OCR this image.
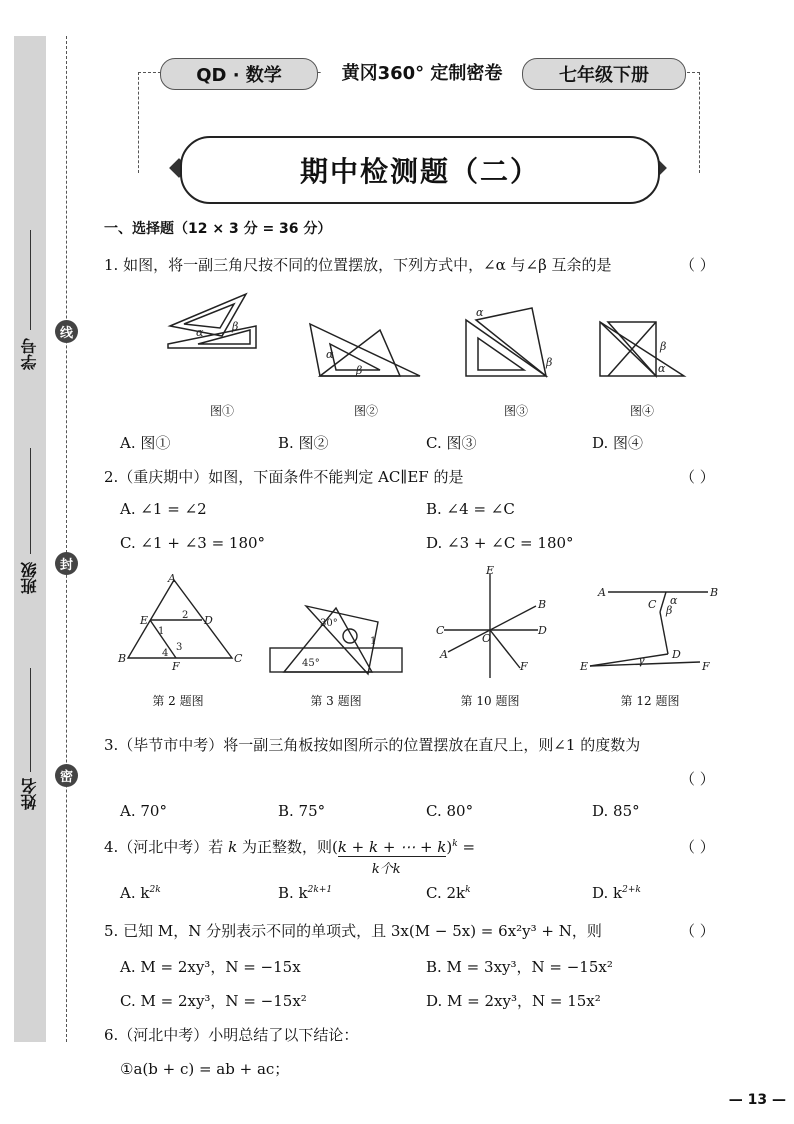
学号
班级
姓名
线
封
密
QD · 数学	黄冈360° 定制密卷	七年级下册
期中检测题（二）
一、选择题（12 × 3 分 = 36 分）
1. 如图，将一副三角尺按不同的位置摆放，下列方式中，∠α 与∠β 互余的是	（ ）
α	β
α
β
α
β
β
α
图①	图②	图③	图④
A. 图①	B. 图②	C. 图③	D. 图④
2.（重庆期中）如图，下面条件不能判定 AC∥EF 的是	（ ）
A. ∠1 = ∠2	B. ∠4 = ∠C
C. ∠1 + ∠3 = 180°	D. ∠3 + ∠C = 180°
A
E	D
B
F
C
1
2
3
4
30°
45°
1
E
B
C	D
A
O
F
A	B
C α
β
D
E	F
γ
第 2 题图	第 3 题图	第 10 题图	第 12 题图
3.（毕节市中考）将一副三角板按如图所示的位置摆放在直尺上，则∠1 的度数为
（ ）
A. 70°	B. 75°	C. 80°	D. 85°
4.（河北中考）若 k 为正整数，则(k + k + ⋯ + k
k个k
)$^k$ =	（ ）
A. $k^{2k}$	B. $k^{2k+1}$	C. $2k^k$	D. $k^{2+k}$
5. 已知 M，N 分别表示不同的单项式，且 3x(M − 5x) = 6x²y³ + N，则	（ ）
A. M = 2xy³，N = −15x	B. M = 3xy³，N = −15x²
C. M = 2xy³，N = −15x²	D. M = 2xy³，N = 15x²
6.（河北中考）小明总结了以下结论：
①a(b + c) = ab + ac；
— 13 —
